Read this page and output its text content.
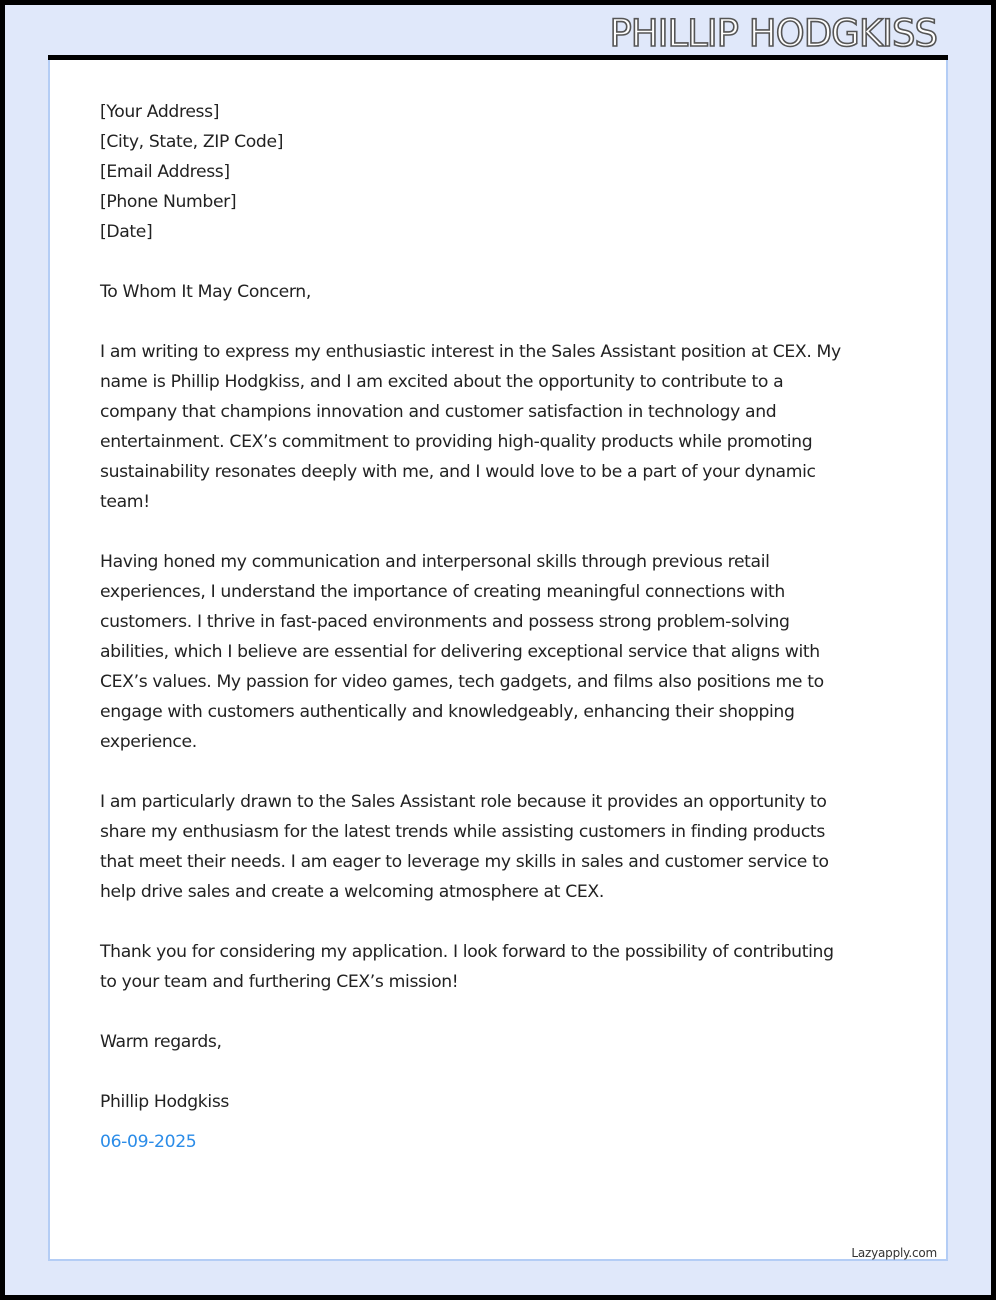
PHILLIP HODGKISS
[Your Address]
[City, State, ZIP Code]
[Email Address]
[Phone Number]
[Date]
To Whom It May Concern,
I am writing to express my enthusiastic interest in the Sales Assistant position at CEX. My
name is Phillip Hodgkiss, and I am excited about the opportunity to contribute to a
company that champions innovation and customer satisfaction in technology and
entertainment. CEX’s commitment to providing high-quality products while promoting
sustainability resonates deeply with me, and I would love to be a part of your dynamic
team!
Having honed my communication and interpersonal skills through previous retail
experiences, I understand the importance of creating meaningful connections with
customers. I thrive in fast-paced environments and possess strong problem-solving
abilities, which I believe are essential for delivering exceptional service that aligns with
CEX’s values. My passion for video games, tech gadgets, and films also positions me to
engage with customers authentically and knowledgeably, enhancing their shopping
experience.
I am particularly drawn to the Sales Assistant role because it provides an opportunity to
share my enthusiasm for the latest trends while assisting customers in finding products
that meet their needs. I am eager to leverage my skills in sales and customer service to
help drive sales and create a welcoming atmosphere at CEX.
Thank you for considering my application. I look forward to the possibility of contributing
to your team and furthering CEX’s mission!
Warm regards,
Phillip Hodgkiss
06-09-2025
Lazyapply.com
